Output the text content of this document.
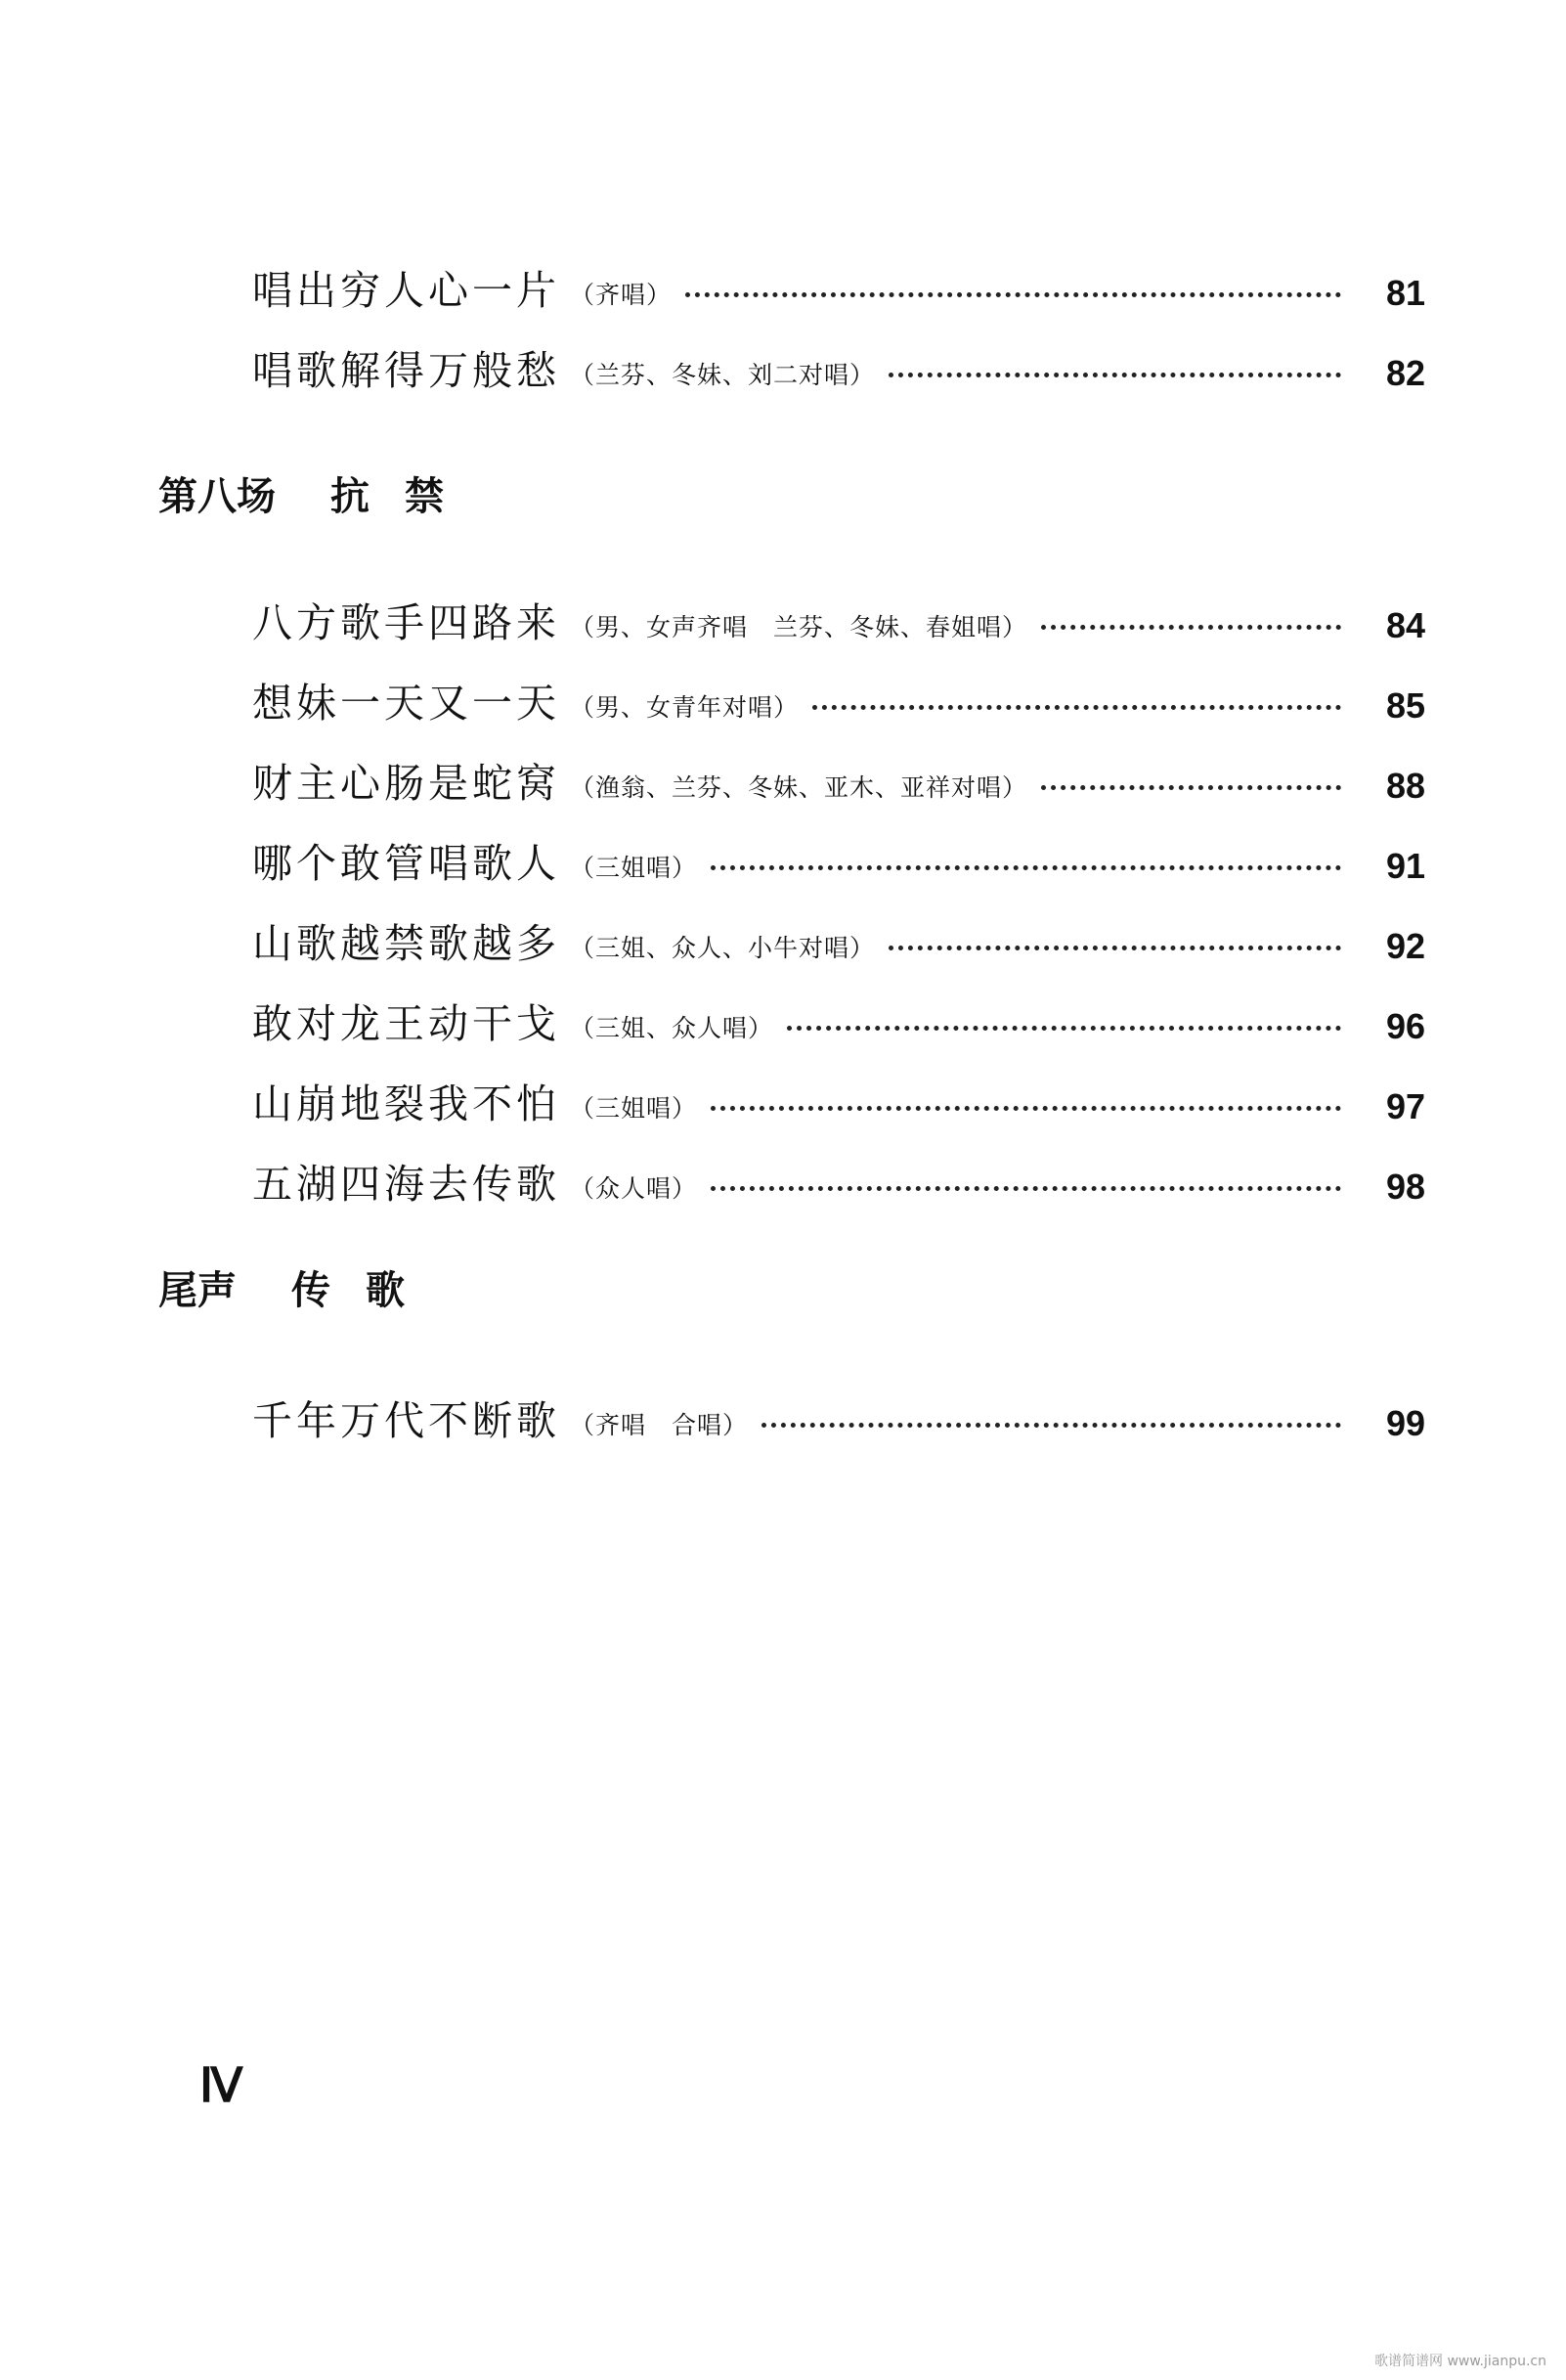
唱出穷人心一片 （齐唱）	81
唱歌解得万般愁 （兰芬、冬妹、刘二对唱）	82
第八场 抗 禁
八方歌手四路来 （男、女声齐唱　兰芬、冬妹、春姐唱）	84
想妹一天又一天 （男、女青年对唱）	85
财主心肠是蛇窝 （渔翁、兰芬、冬妹、亚木、亚祥对唱）	88
哪个敢管唱歌人 （三姐唱）	91
山歌越禁歌越多 （三姐、众人、小牛对唱）	92
敢对龙王动干戈 （三姐、众人唱）	96
山崩地裂我不怕 （三姐唱）	97
五湖四海去传歌 （众人唱）	98
尾声 传 歌
千年万代不断歌 （齐唱　合唱）	99
Ⅳ
歌谱简谱网 www.jianpu.cn
